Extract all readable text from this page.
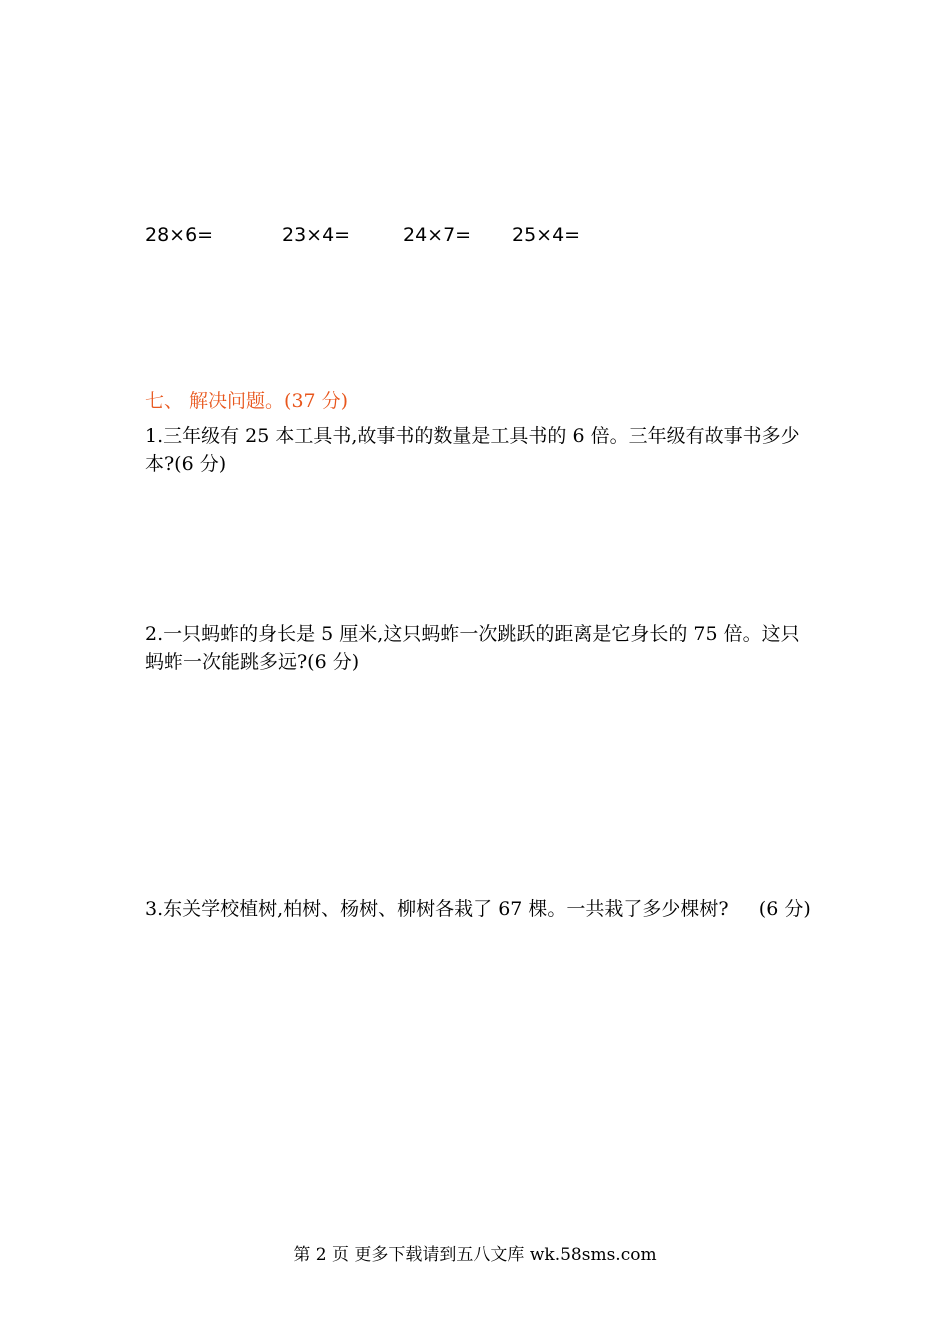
28×6=	23×4=	24×7= 25×4=
七、 解决问题。(37 分)
1.三年级有 25 本工具书,故事书的数量是工具书的 6 倍。三年级有故事书多少本?(6 分)
2.一只蚂蚱的身长是 5 厘米,这只蚂蚱一次跳跃的距离是它身长的 75 倍。这只蚂蚱一次能跳多远?(6 分)
3.东关学校植树,柏树、杨树、柳树各栽了 67 棵。一共栽了多少棵树?     (6 分)
第 2 页 更多下载请到五八文库 wk.58sms.com
